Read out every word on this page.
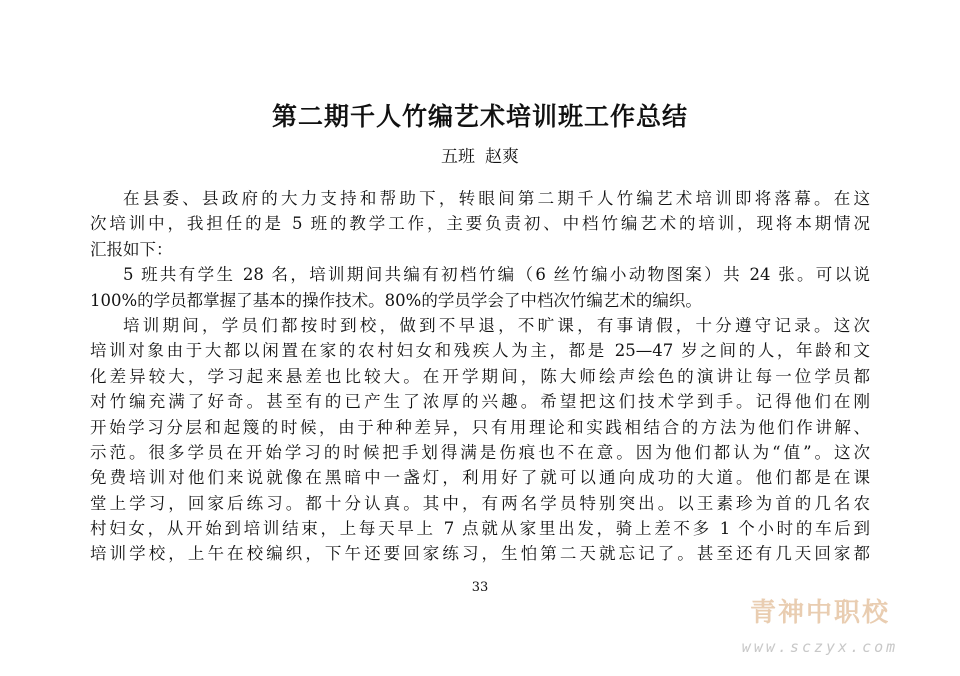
第二期千人竹编艺术培训班工作总结
五班 赵爽
在县委、县政府的大力支持和帮助下，转眼间第二期千人竹编艺术培训即将落幕。在这
次培训中，我担任的是 5 班的教学工作，主要负责初、中档竹编艺术的培训，现将本期情况
汇报如下：
5 班共有学生 28 名，培训期间共编有初档竹编（6 丝竹编小动物图案）共 24 张。可以说
100%的学员都掌握了基本的操作技术。80%的学员学会了中档次竹编艺术的编织。
培训期间，学员们都按时到校，做到不早退，不旷课，有事请假，十分遵守记录。这次
培训对象由于大都以闲置在家的农村妇女和残疾人为主，都是 25—47 岁之间的人，年龄和文
化差异较大，学习起来悬差也比较大。在开学期间，陈大师绘声绘色的演讲让每一位学员都
对竹编充满了好奇。甚至有的已产生了浓厚的兴趣。希望把这们技术学到手。记得他们在刚
开始学习分层和起篾的时候，由于种种差异，只有用理论和实践相结合的方法为他们作讲解、
示范。很多学员在开始学习的时候把手划得满是伤痕也不在意。因为他们都认为“值”。这次
免费培训对他们来说就像在黑暗中一盏灯，利用好了就可以通向成功的大道。他们都是在课
堂上学习，回家后练习。都十分认真。其中，有两名学员特别突出。以王素珍为首的几名农
村妇女，从开始到培训结束，上每天早上 7 点就从家里出发，骑上差不多 1 个小时的车后到
培训学校，上午在校编织，下午还要回家练习，生怕第二天就忘记了。甚至还有几天回家都
33
青神中职校
www.sczyx.com
